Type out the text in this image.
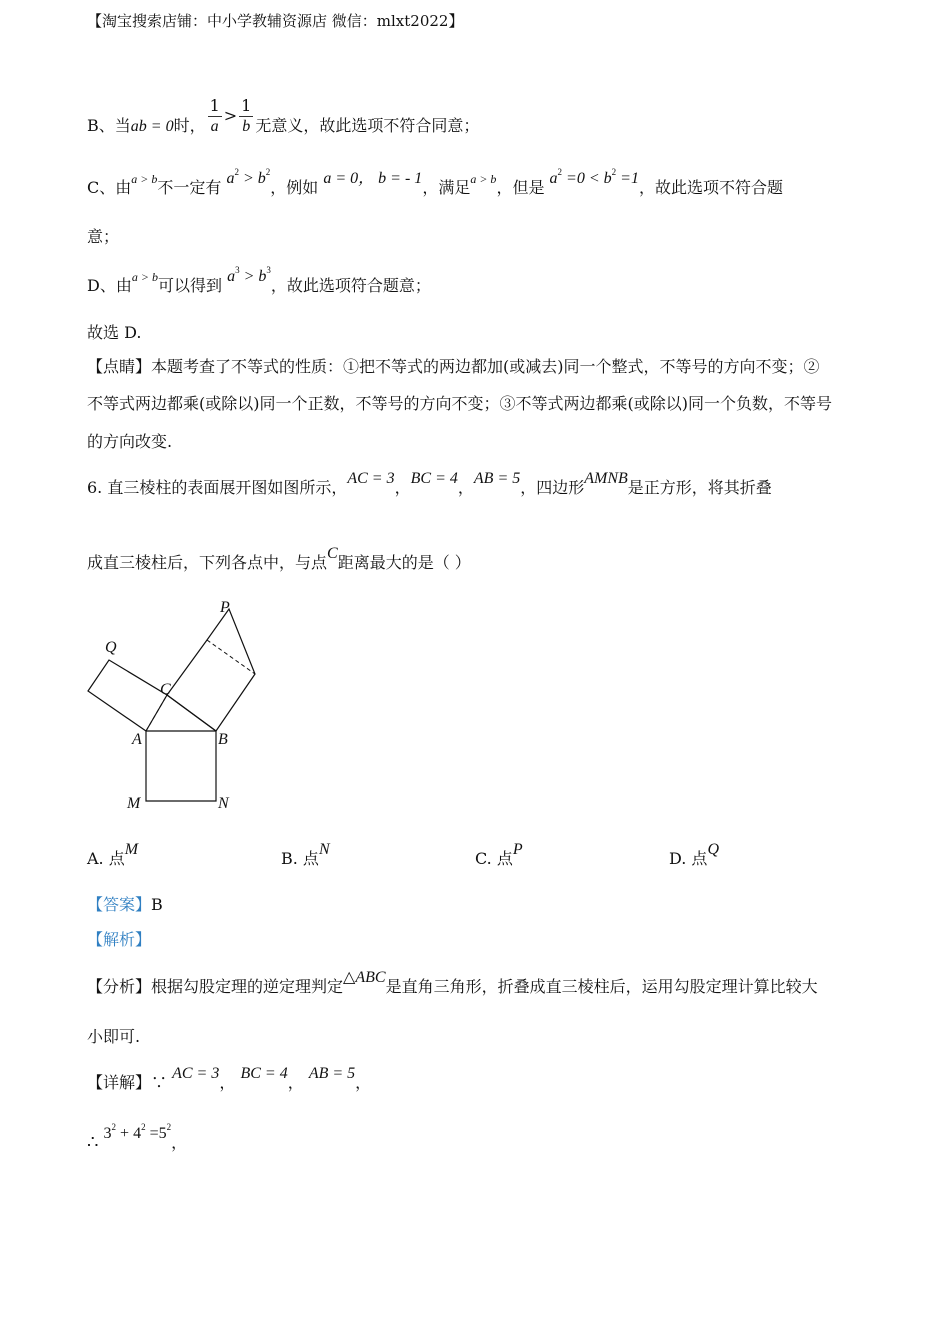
【淘宝搜索店铺：中小学教辅资源店 微信：mlxt2022】
B、当ab = 0时， $\frac{1}{a} > \frac{1}{b}$ 无意义，故此选项不符合同意；
C、由$^{a > b}$不一定有 $a^2 > b^2$，例如 a = 0， b = - 1，满足$^{a > b}$，但是 $a^2 =0 < b^2 =1$，故此选项不符合题
意；
D、由$^{a > b}$可以得到 $a^3 > b^3$，故此选项符合题意；
故选 D.
【点睛】本题考查了不等式的性质：①把不等式的两边都加(或减去)同一个整式，不等号的方向不变；②
不等式两边都乘(或除以)同一个正数，不等号的方向不变；③不等式两边都乘(或除以)同一个负数，不等号
的方向改变.
6. 直三棱柱的表面展开图如图所示，AC = 3，BC = 4，AB = 5，四边形AMNB是正方形，将其折叠
成直三棱柱后，下列各点中，与点C距离最大的是（ ）
P
Q
C
A	B
M	N
A. 点M	B. 点N	C. 点P	D. 点Q
【答案】B
【解析】
【分析】根据勾股定理的逆定理判定△ABC是直角三角形，折叠成直三棱柱后，运用勾股定理计算比较大
小即可.
【详解】∵ AC = 3， BC = 4， AB = 5，
∴ $3^2 + 4^2 =5^2$，
